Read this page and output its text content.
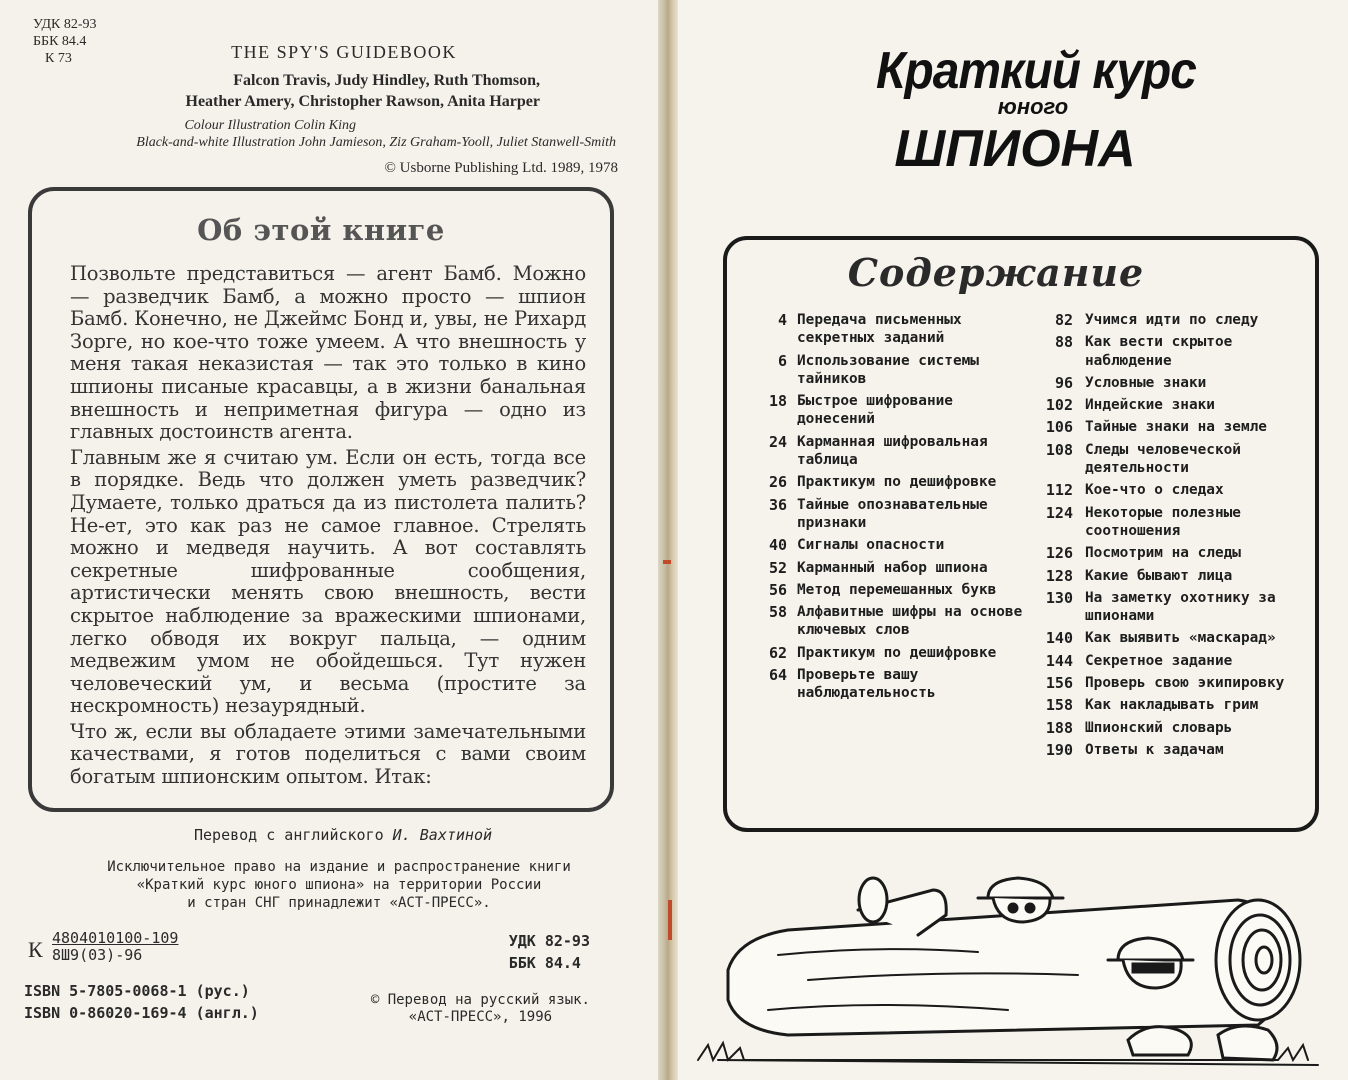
УДК 82-93
ББК 84.4
К 73	THE SPY'S GUIDEBOOK
Falcon Travis, Judy Hindley, Ruth Thomson,
Heather Amery, Christopher Rawson, Anita Harper
Colour Illustration Colin King
Black-and-white Illustration John Jamieson, Ziz Graham-Yooll, Juliet Stanwell-Smith
© Usborne Publishing Ltd. 1989, 1978
Об этой книге

Позвольте представиться — агент Бамб. Можно — разведчик Бамб, а можно просто — шпион Бамб. Конечно, не Джеймс Бонд и, увы, не Рихард Зорге, но кое-что тоже умеем. А что внешность у меня такая неказистая — так это только в кино шпионы писаные красавцы, а в жизни банальная внешность и неприметная фигура — одно из главных достоинств агента.

Главным же я считаю ум. Если он есть, тогда все в порядке. Ведь что должен уметь разведчик? Думаете, только драться да из пистолета палить? Не-ет, это как раз не самое главное. Стрелять можно и медведя научить. А вот составлять секретные шифрованные сообщения, артистически менять свою внешность, вести скрытое наблюдение за вражескими шпионами, легко обводя их вокруг пальца, — одним медвежим умом не обойдешься. Тут нужен человеческий ум, и весьма (простите за нескромность) незаурядный.

Что ж, если вы обладаете этими замечательными качествами, я готов поделиться с вами своим богатым шпионским опытом. Итак:

Перевод с английского И. Вахтиной
Исключительное право на издание и распространение книги
«Краткий курс юного шпиона» на территории России
и стран СНГ принадлежит «АСТ-ПРЕСС».
К 4804010100-109
8Ш9(03)-96
УДК 82-93
ББК 84.4
ISBN 5-7805-0068-1 (рус.)
ISBN 0-86020-169-4 (англ.)
© Перевод на русский язык.
«АСТ-ПРЕСС», 1996
Краткий курс
юного
ШПИОНА
Содержание
4 Передача письменных секретных заданий
6 Использование системы тайников
18 Быстрое шифрование донесений
24 Карманная шифровальная таблица
26 Практикум по дешифровке
36 Тайные опознавательные признаки
40 Сигналы опасности
52 Карманный набор шпиона
56 Метод перемешанных букв
58 Алфавитные шифры на основе ключевых слов
62 Практикум по дешифровке
64 Проверьте вашу наблюдательность
82 Учимся идти по следу
88 Как вести скрытое наблюдение
96 Условные знаки
102 Индейские знаки
106 Тайные знаки на земле
108 Следы человеческой деятельности
112 Кое-что о следах
124 Некоторые полезные соотношения
126 Посмотрим на следы
128 Какие бывают лица
130 На заметку охотнику за шпионами
140 Как выявить «маскарад»
144 Секретное задание
156 Проверь свою экипировку
158 Как накладывать грим
188 Шпионский словарь
190 Ответы к задачам
